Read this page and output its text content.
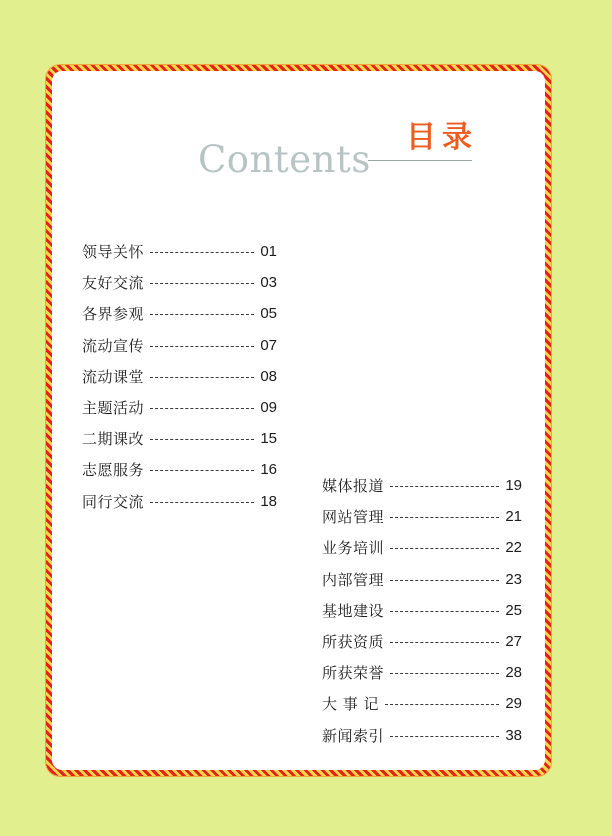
Contents
目录
领导关怀	01
友好交流	03
各界参观	05
流动宣传	07
流动课堂	08
主题活动	09
二期课改	15
志愿服务	16
同行交流	18
媒体报道	19
网站管理	21
业务培训	22
内部管理	23
基地建设	25
所获资质	27
所获荣誉	28
大 事 记	29
新闻索引	38
